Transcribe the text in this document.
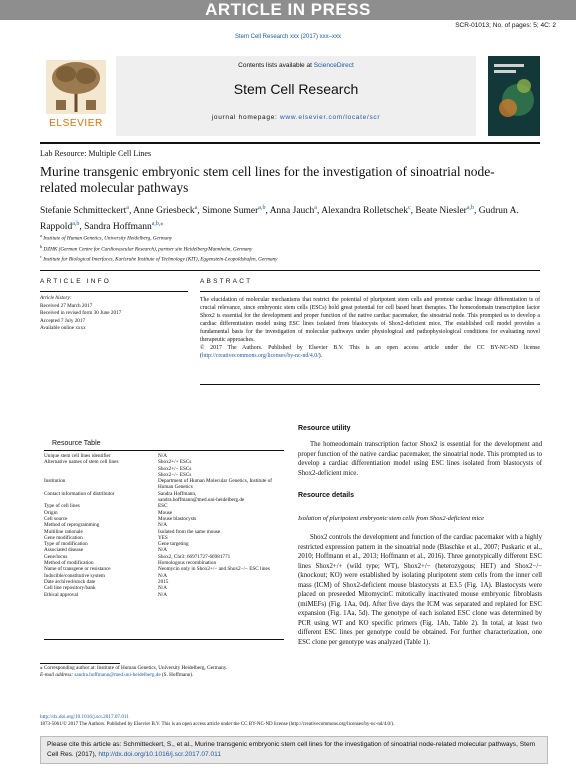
ARTICLE IN PRESS
SCR-01013; No. of pages: 5; 4C: 2
Stem Cell Research xxx (2017) xxx–xxx
ELSEVIER
Contents lists available at ScienceDirect
Stem Cell Research
journal homepage: www.elsevier.com/locate/scr
Lab Resource: Multiple Cell Lines
Murine transgenic embryonic stem cell lines for the investigation of sinoatrial node-related molecular pathways
Stefanie Schmitteckert$^a$, Anne Griesbeck$^a$, Simone Sumer$^{a,b}$, Anna Jauch$^a$, Alexandra Rolletschek$^c$, Beate Niesler$^{a,b}$, Gudrun A. Rappold$^{a,b}$, Sandra Hoffmann$^{a,b,⁎}$
$^a$ Institute of Human Genetics, University Heidelberg, Germany
$^b$ DZHK (German Centre for Cardiovascular Research), partner site Heidelberg/Mannheim, Germany
$^c$ Institute for Biological Interfaces, Karlsruhe Institute of Technology (KIT), Eggenstein-Leopoldshafen, Germany
ARTICLE INFO	ABSTRACT
Article history:
Received 27 March 2017
Received in revised form 30 June 2017
Accepted 7 July 2017
Available online xxxx
The elucidation of molecular mechanisms that restrict the potential of pluripotent stem cells and promote cardiac lineage differentiation is of crucial relevance, since embryonic stem cells (ESCs) hold great potential for cell based heart therapies. The homeodomain transcription factor Shox2 is essential for the development and proper function of the native cardiac pacemaker, the sinoatrial node. This prompted us to develop a cardiac differentiation model using ESC lines isolated from blastocysts of Shox2-deficient mice. The established cell model provides a fundamental basis for the investigation of molecular pathways under physiological and pathophysiological conditions for evaluating novel therapeutic approaches.
© 2017 The Authors. Published by Elsevier B.V. This is an open access article under the CC BY-NC-ND license (http://creativecommons.org/licenses/by-nc-nd/4.0/).
Resource Table
Unique stem cell lines identifier	N/A
Alternative names of stem cell lines	Shox2+/+ ESCs
Shox2+/− ESCs
Shox2−/− ESCs
Institution	Department of Human Molecular Genetics, Institute of Human Genetics
Contact information of distributor	Sandra Hoffmann,
sandra.hoffmann@med.uni-heidelberg.de
Type of cell lines	ESC
Origin	Mouse
Cell source	Mouse blastocysts
Method of reprogramming	N/A
Multiline rationale	Isolated from the same mouse
Gene modification	YES
Type of modification	Gene targeting
Associated disease	N/A
Gene/locus	Shox2, Chr3: 66971727-66981771
Method of modification	Homologous recombination
Name of transgene or resistance	Neomycin only in Shox2+/− and Shox2−/− ESC lines
Inducible/constitutive system	N/A
Date archived/stock date	2015
Cell line repository/bank	N/A
Ethical approval	N/A
Resource utility
The homeodomain transcription factor Shox2 is essential for the development and proper function of the native cardiac pacemaker, the sinoatrial node. This prompted us to develop a cardiac differentiation model using ESC lines isolated from blastocysts of Shox2-deficient mice.
Resource details
Isolation of pluripotent embryonic stem cells from Shox2-deficient mice
Shox2 controls the development and function of the cardiac pacemaker with a highly restricted expression pattern in the sinoatrial node (Blaschke et al., 2007; Puskaric et al., 2010; Hoffmann et al., 2013; Hoffmann et al., 2016). Three genotypically different ESC lines Shox2+/+ (wild type; WT), Shox2+/− (heterozygous; HET) and Shox2−/− (knockout; KO) were established by isolating pluripotent stem cells from the inner cell mass (ICM) of Shox2-deficient mouse blastocysts at E3.5 (Fig. 1A). Blastocysts were placed on preseeded MitomycinC mitotically inactivated mouse embryonic fibroblasts (miMEFs) (Fig. 1Aa, 0d). After five days the ICM was separated and replated for ESC expansion (Fig. 1Aa, 5d). The genotype of each isolated ESC clone was determined by PCR using WT and KO specific primers (Fig. 1Ab, Table 2). In total, at least two different ESC lines per genotype could be obtained. For further characterization, one ESC clone per genotype was analyzed (Table 1).
⁎ Corresponding author at: Institute of Human Genetics, University Heidelberg, Germany.
E-mail address: sandra.hoffmann@med.uni-heidelberg.de (S. Hoffmann).
http://dx.doi.org/10.1016/j.scr.2017.07.011
1873-5061/© 2017 The Authors. Published by Elsevier B.V. This is an open access article under the CC BY-NC-ND license (http://creativecommons.org/licenses/by-nc-nd/4.0/).
Please cite this article as: Schmitteckert, S., et al., Murine transgenic embryonic stem cell lines for the investigation of sinoatrial node-related molecular pathways, Stem Cell Res. (2017), http://dx.doi.org/10.1016/j.scr.2017.07.011
